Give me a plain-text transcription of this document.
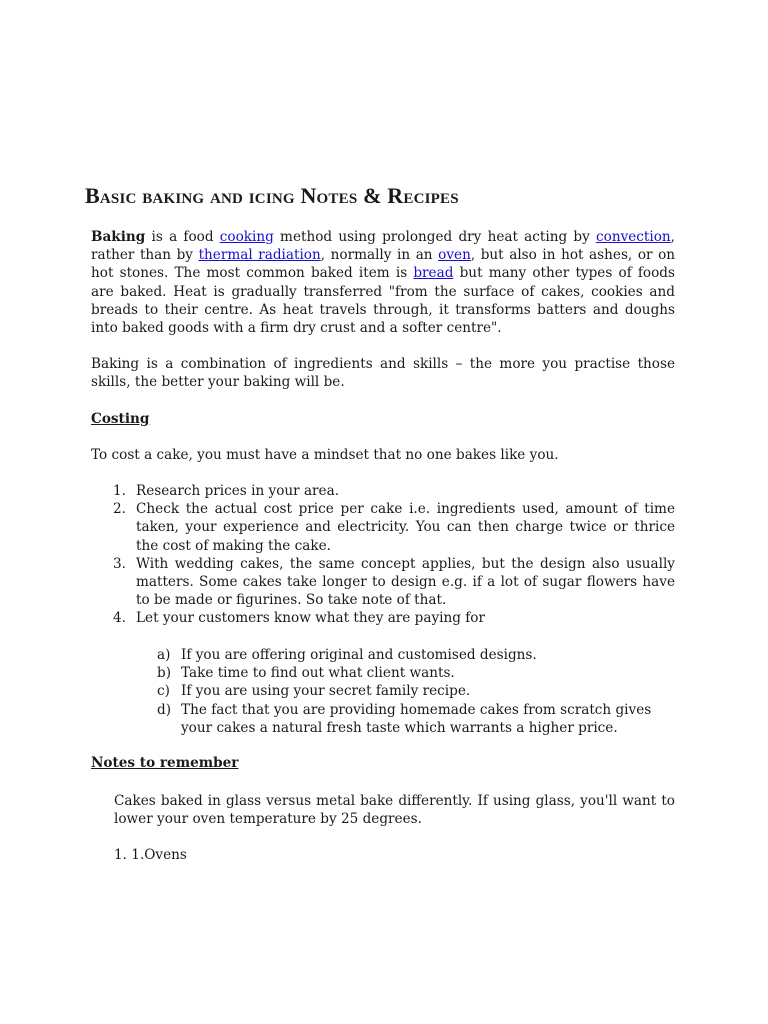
Basic baking and icing Notes & Recipes

Baking is a food cooking method using prolonged dry heat acting by convection, rather than by thermal radiation, normally in an oven, but also in hot ashes, or on hot stones. The most common baked item is bread but many other types of foods are baked. Heat is gradually transferred "from the surface of cakes, cookies and breads to their centre. As heat travels through, it transforms batters and doughs into baked goods with a firm dry crust and a softer centre".

Baking is a combination of ingredients and skills – the more you practise those skills, the better your baking will be.

Costing

To cost a cake, you must have a mindset that no one bakes like you.

1. Research prices in your area.
2. Check the actual cost price per cake i.e. ingredients used, amount of time taken, your experience and electricity. You can then charge twice or thrice the cost of making the cake.
3. With wedding cakes, the same concept applies, but the design also usually matters. Some cakes take longer to design e.g. if a lot of sugar flowers have to be made or figurines. So take note of that.
4. Let your customers know what they are paying for
a) If you are offering original and customised designs.
b) Take time to find out what client wants.
c) If you are using your secret family recipe.
d) The fact that you are providing homemade cakes from scratch gives your cakes a natural fresh taste which warrants a higher price.

Notes to remember

Cakes baked in glass versus metal bake differently. If using glass, you'll want to lower your oven temperature by 25 degrees.

1. 1.Ovens
